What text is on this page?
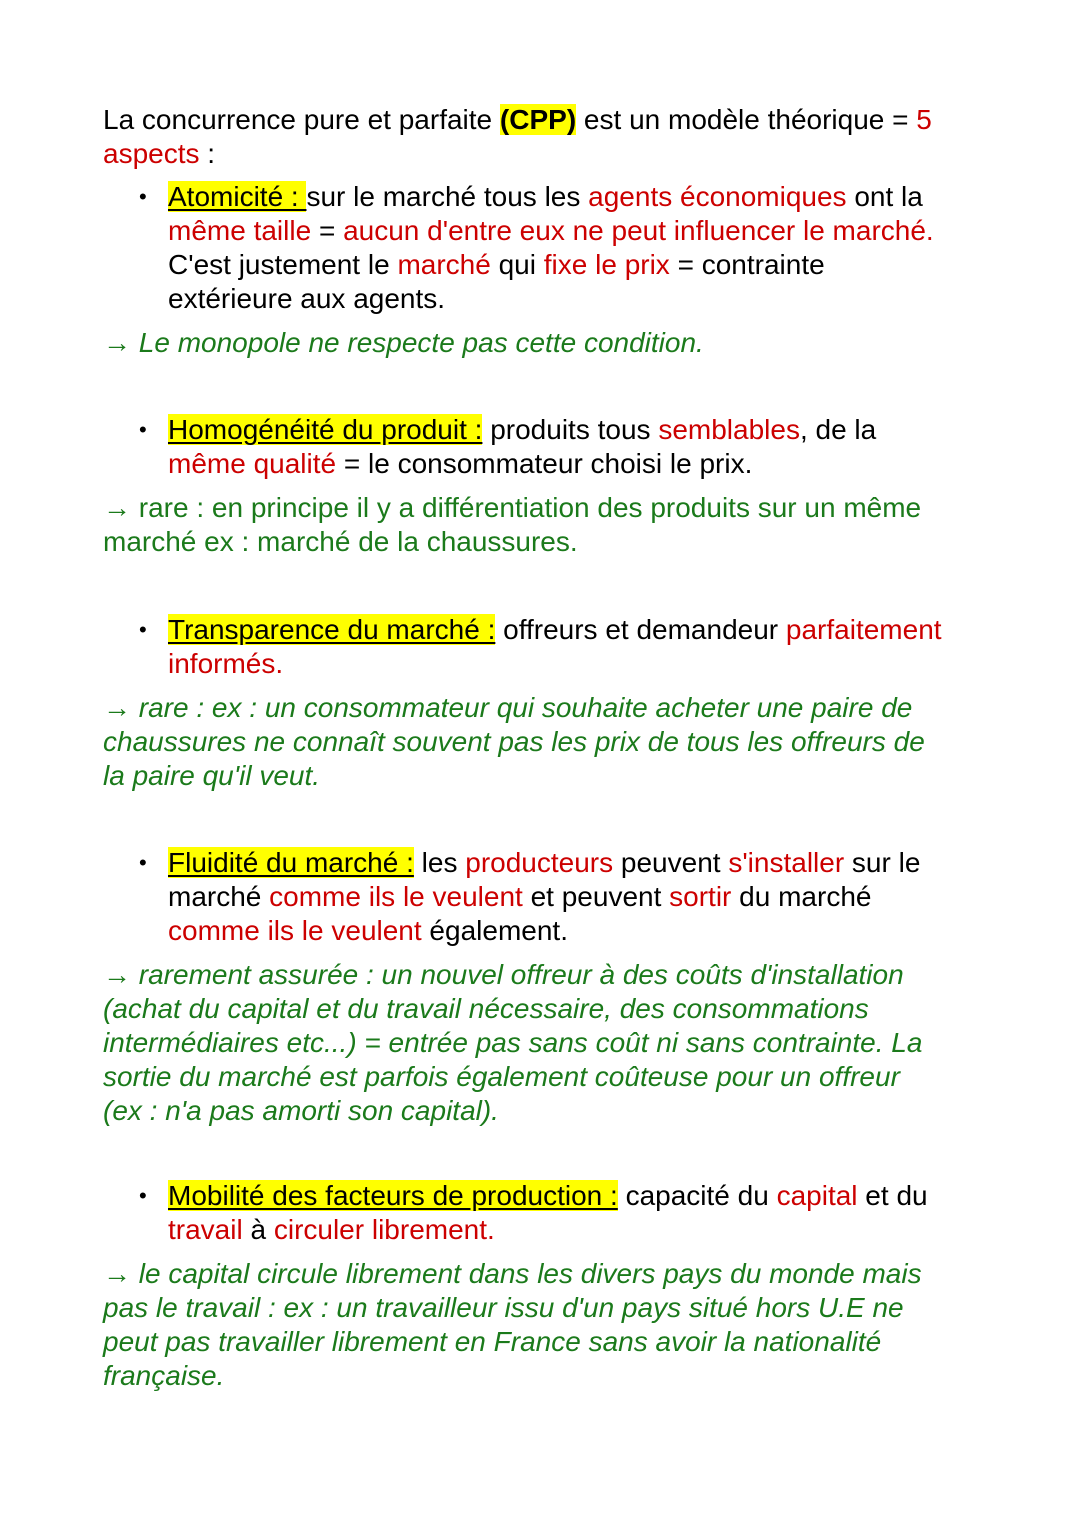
La concurrence pure et parfaite (CPP) est un modèle théorique = 5
aspects :
• Atomicité : sur le marché tous les agents économiques ont la
même taille = aucun d'entre eux ne peut influencer le marché.
C'est justement le marché qui fixe le prix = contrainte
extérieure aux agents.
→ Le monopole ne respecte pas cette condition.
• Homogénéité du produit : produits tous semblables, de la
même qualité = le consommateur choisi le prix.
→ rare : en principe il y a différentiation des produits sur un même
marché ex : marché de la chaussures.
• Transparence du marché : offreurs et demandeur parfaitement
informés.
→ rare : ex : un consommateur qui souhaite acheter une paire de
chaussures ne connaît souvent pas les prix de tous les offreurs de
la paire qu'il veut.
• Fluidité du marché : les producteurs peuvent s'installer sur le
marché comme ils le veulent et peuvent sortir du marché
comme ils le veulent également.
→ rarement assurée : un nouvel offreur à des coûts d'installation
(achat du capital et du travail nécessaire, des consommations
intermédiaires etc...) = entrée pas sans coût ni sans contrainte. La
sortie du marché est parfois également coûteuse pour un offreur
(ex : n'a pas amorti son capital).
• Mobilité des facteurs de production : capacité du capital et du
travail à circuler librement.
→ le capital circule librement dans les divers pays du monde mais
pas le travail : ex : un travailleur issu d'un pays situé hors U.E ne
peut pas travailler librement en France sans avoir la nationalité
française.
